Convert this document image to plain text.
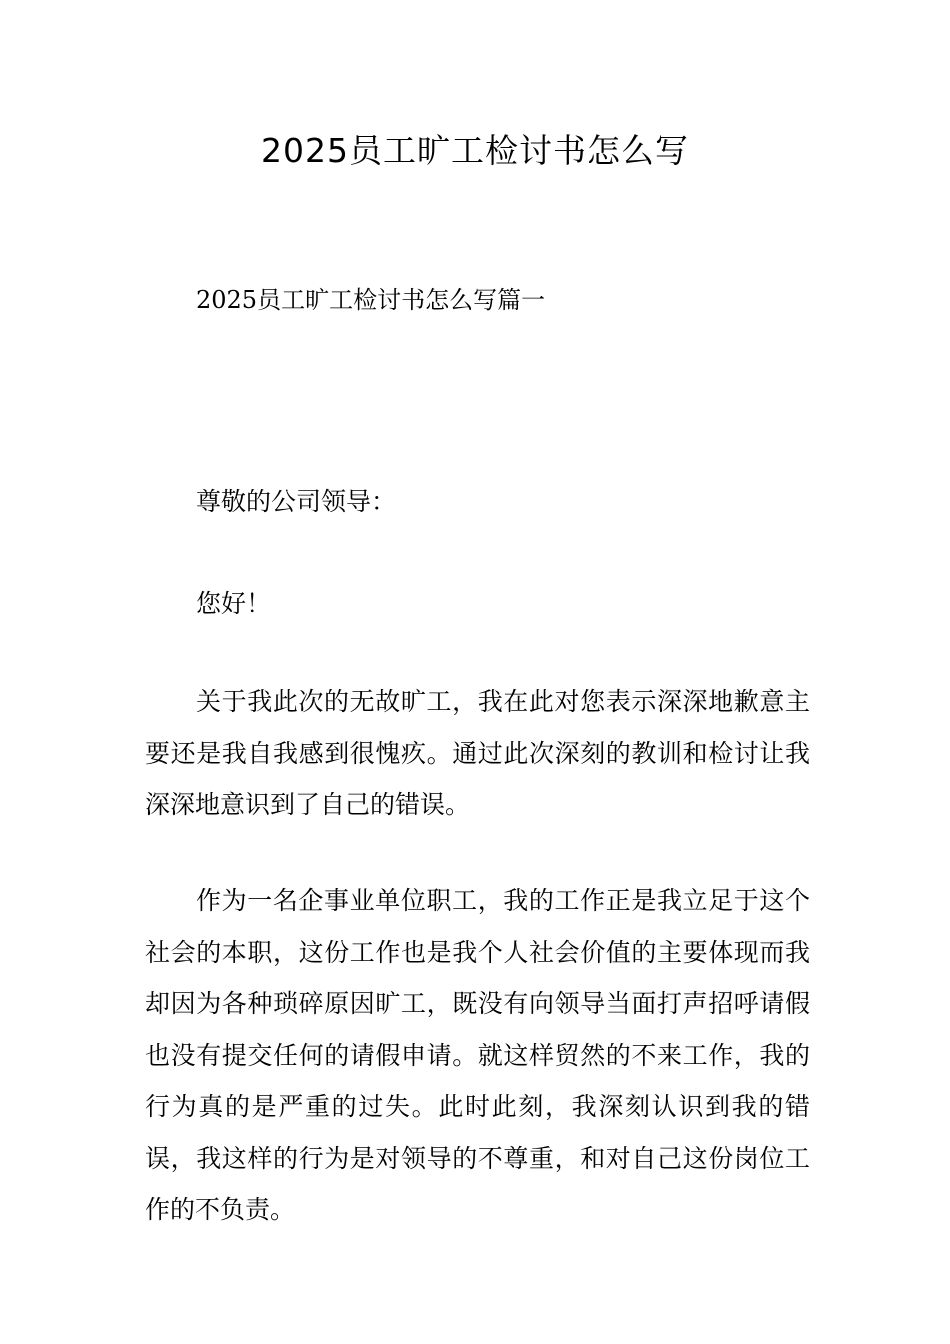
2025员工旷工检讨书怎么写
2025员工旷工检讨书怎么写篇一

尊敬的公司领导：

您好！

关于我此次的无故旷工，我在此对您表示深深地歉意主要还是我自我感到很愧疚。通过此次深刻的教训和检讨让我深深地意识到了自己的错误。

作为一名企事业单位职工，我的工作正是我立足于这个社会的本职，这份工作也是我个人社会价值的主要体现而我却因为各种琐碎原因旷工，既没有向领导当面打声招呼请假也没有提交任何的请假申请。就这样贸然的不来工作，我的行为真的是严重的过失。此时此刻，我深刻认识到我的错误，我这样的行为是对领导的不尊重，和对自己这份岗位工作的不负责。
